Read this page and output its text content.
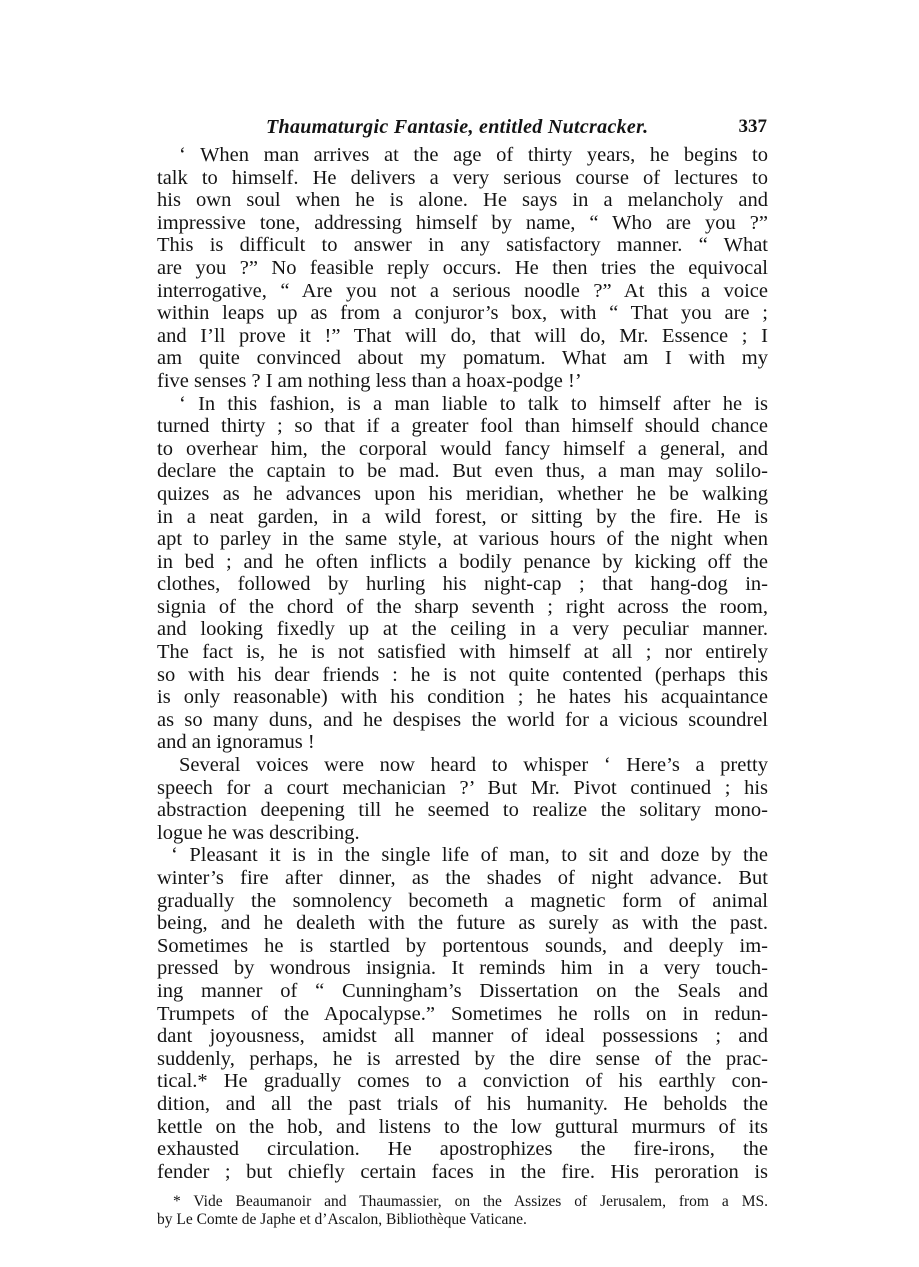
Thaumaturgic Fantasie, entitled Nutcracker.	337
‘ When man arrives at the age of thirty years, he begins to
talk to himself. He delivers a very serious course of lectures to
his own soul when he is alone. He says in a melancholy and
impressive tone, addressing himself by name, “ Who are you ?”
This is difficult to answer in any satisfactory manner. “ What
are you ?” No feasible reply occurs. He then tries the equivocal
interrogative, “ Are you not a serious noodle ?” At this a voice
within leaps up as from a conjuror’s box, with “ That you are ;
and I’ll prove it !” That will do, that will do, Mr. Essence ; I
am quite convinced about my pomatum. What am I with my
five senses ? I am nothing less than a hoax-podge !’
‘ In this fashion, is a man liable to talk to himself after he is
turned thirty ; so that if a greater fool than himself should chance
to overhear him, the corporal would fancy himself a general, and
declare the captain to be mad. But even thus, a man may solilo-
quizes as he advances upon his meridian, whether he be walking
in a neat garden, in a wild forest, or sitting by the fire. He is
apt to parley in the same style, at various hours of the night when
in bed ; and he often inflicts a bodily penance by kicking off the
clothes, followed by hurling his night-cap ; that hang-dog in-
signia of the chord of the sharp seventh ; right across the room,
and looking fixedly up at the ceiling in a very peculiar manner.
The fact is, he is not satisfied with himself at all ; nor entirely
so with his dear friends : he is not quite contented (perhaps this
is only reasonable) with his condition ; he hates his acquaintance
as so many duns, and he despises the world for a vicious scoundrel
and an ignoramus !
Several voices were now heard to whisper ‘ Here’s a pretty
speech for a court mechanician ?’ But Mr. Pivot continued ; his
abstraction deepening till he seemed to realize the solitary mono-
logue he was describing.
‘ Pleasant it is in the single life of man, to sit and doze by the
winter’s fire after dinner, as the shades of night advance. But
gradually the somnolency becometh a magnetic form of animal
being, and he dealeth with the future as surely as with the past.
Sometimes he is startled by portentous sounds, and deeply im-
pressed by wondrous insignia. It reminds him in a very touch-
ing manner of “ Cunningham’s Dissertation on the Seals and
Trumpets of the Apocalypse.” Sometimes he rolls on in redun-
dant joyousness, amidst all manner of ideal possessions ; and
suddenly, perhaps, he is arrested by the dire sense of the prac-
tical.* He gradually comes to a conviction of his earthly con-
dition, and all the past trials of his humanity. He beholds the
kettle on the hob, and listens to the low guttural murmurs of its
exhausted circulation. He apostrophizes the fire-irons, the
fender ; but chiefly certain faces in the fire. His peroration is
* Vide Beaumanoir and Thaumassier, on the Assizes of Jerusalem, from a MS.
by Le Comte de Japhe et d’Ascalon, Bibliothèque Vaticane.
